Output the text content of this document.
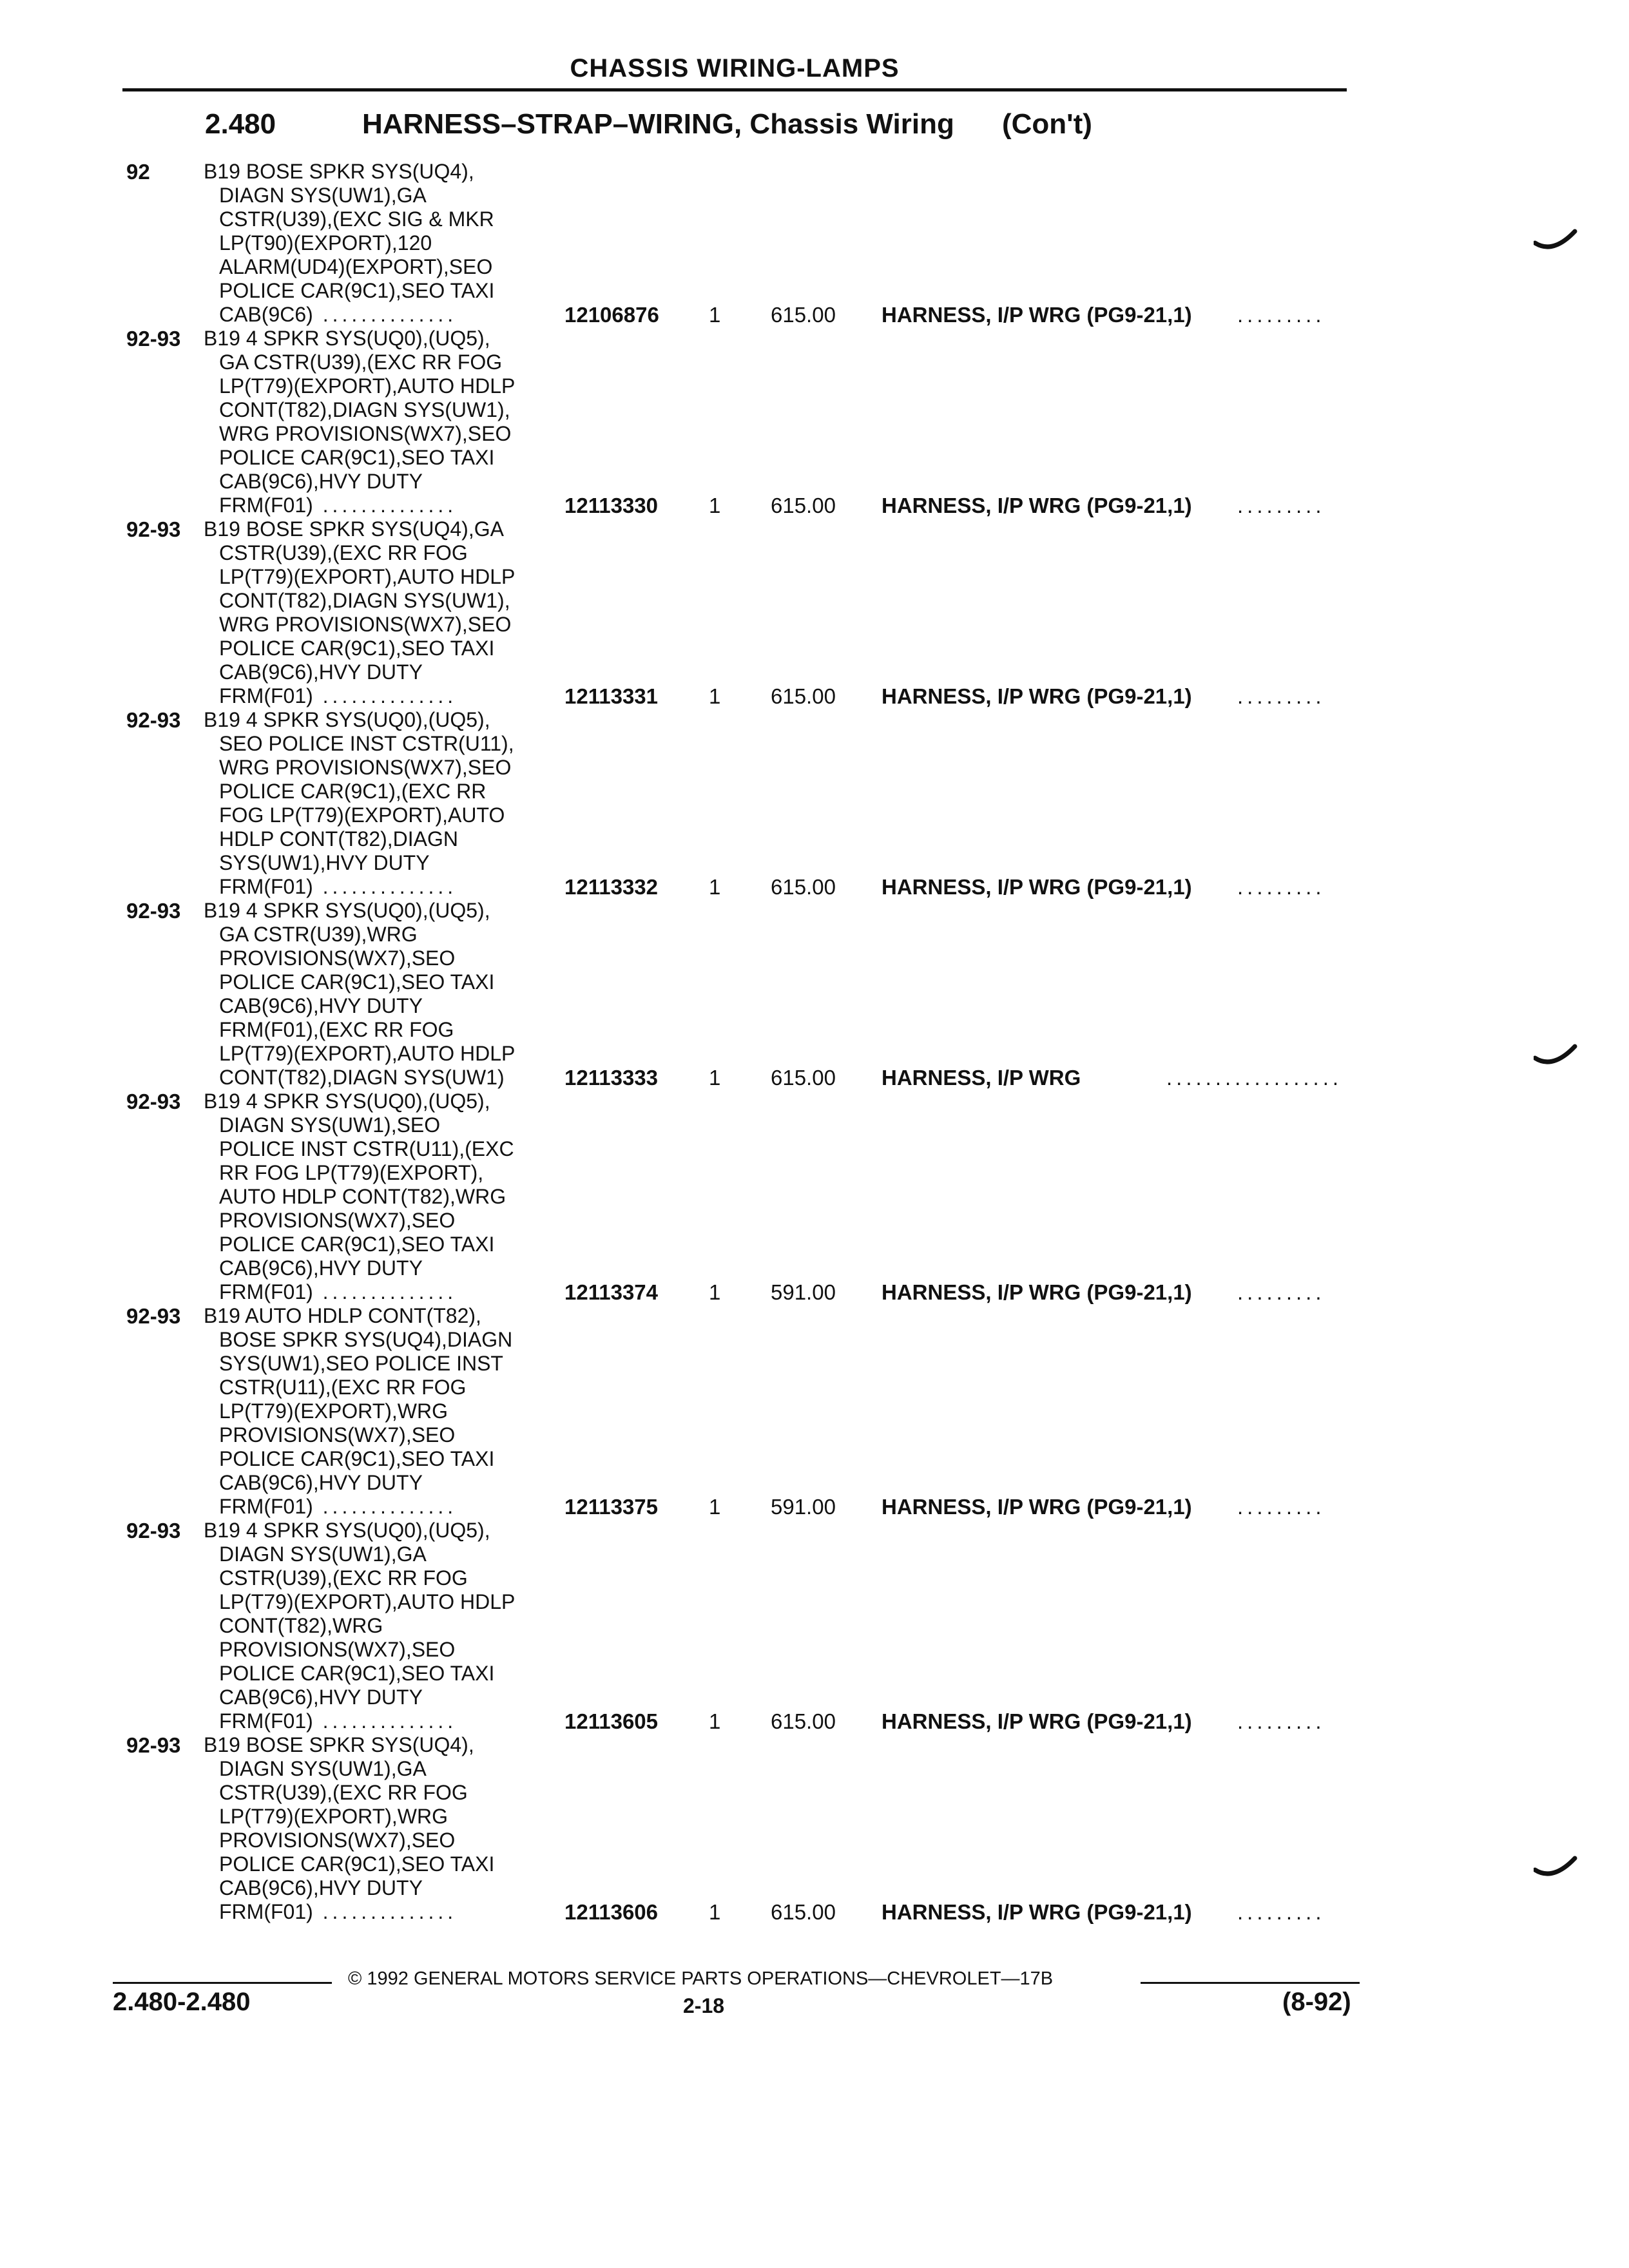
CHASSIS WIRING-LAMPS
2.480	HARNESS–STRAP–WIRING, Chassis Wiring (Con't)
92	B19 BOSE SPKR SYS(UQ4),
DIAGN SYS(UW1),GA
CSTR(U39),(EXC SIG & MKR
LP(T90)(EXPORT),120
ALARM(UD4)(EXPORT),SEO
POLICE CAR(9C1),SEO TAXI
CAB(9C6) ..............	12106876 1 615.00 HARNESS, I/P WRG (PG9-21,1) .........
92-93 B19 4 SPKR SYS(UQ0),(UQ5),
GA CSTR(U39),(EXC RR FOG
LP(T79)(EXPORT),AUTO HDLP
CONT(T82),DIAGN SYS(UW1),
WRG PROVISIONS(WX7),SEO
POLICE CAR(9C1),SEO TAXI
CAB(9C6),HVY DUTY
FRM(F01) ..............	12113330 1 615.00 HARNESS, I/P WRG (PG9-21,1) .........
92-93 B19 BOSE SPKR SYS(UQ4),GA
CSTR(U39),(EXC RR FOG
LP(T79)(EXPORT),AUTO HDLP
CONT(T82),DIAGN SYS(UW1),
WRG PROVISIONS(WX7),SEO
POLICE CAR(9C1),SEO TAXI
CAB(9C6),HVY DUTY
FRM(F01) ..............	12113331 1 615.00 HARNESS, I/P WRG (PG9-21,1) .........
92-93 B19 4 SPKR SYS(UQ0),(UQ5),
SEO POLICE INST CSTR(U11),
WRG PROVISIONS(WX7),SEO
POLICE CAR(9C1),(EXC RR
FOG LP(T79)(EXPORT),AUTO
HDLP CONT(T82),DIAGN
SYS(UW1),HVY DUTY
FRM(F01) ..............	12113332 1 615.00 HARNESS, I/P WRG (PG9-21,1) .........
92-93 B19 4 SPKR SYS(UQ0),(UQ5),
GA CSTR(U39),WRG
PROVISIONS(WX7),SEO
POLICE CAR(9C1),SEO TAXI
CAB(9C6),HVY DUTY
FRM(F01),(EXC RR FOG
LP(T79)(EXPORT),AUTO HDLP
CONT(T82),DIAGN SYS(UW1)	12113333 1 615.00 HARNESS, I/P WRG	..................
92-93 B19 4 SPKR SYS(UQ0),(UQ5),
DIAGN SYS(UW1),SEO
POLICE INST CSTR(U11),(EXC
RR FOG LP(T79)(EXPORT),
AUTO HDLP CONT(T82),WRG
PROVISIONS(WX7),SEO
POLICE CAR(9C1),SEO TAXI
CAB(9C6),HVY DUTY
FRM(F01) ..............	12113374 1 591.00 HARNESS, I/P WRG (PG9-21,1) .........
92-93 B19 AUTO HDLP CONT(T82),
BOSE SPKR SYS(UQ4),DIAGN
SYS(UW1),SEO POLICE INST
CSTR(U11),(EXC RR FOG
LP(T79)(EXPORT),WRG
PROVISIONS(WX7),SEO
POLICE CAR(9C1),SEO TAXI
CAB(9C6),HVY DUTY
FRM(F01) ..............	12113375 1 591.00 HARNESS, I/P WRG (PG9-21,1) .........
92-93 B19 4 SPKR SYS(UQ0),(UQ5),
DIAGN SYS(UW1),GA
CSTR(U39),(EXC RR FOG
LP(T79)(EXPORT),AUTO HDLP
CONT(T82),WRG
PROVISIONS(WX7),SEO
POLICE CAR(9C1),SEO TAXI
CAB(9C6),HVY DUTY
FRM(F01) ..............	12113605 1 615.00 HARNESS, I/P WRG (PG9-21,1) .........
92-93 B19 BOSE SPKR SYS(UQ4),
DIAGN SYS(UW1),GA
CSTR(U39),(EXC RR FOG
LP(T79)(EXPORT),WRG
PROVISIONS(WX7),SEO
POLICE CAR(9C1),SEO TAXI
CAB(9C6),HVY DUTY
FRM(F01) ..............	12113606 1 615.00 HARNESS, I/P WRG (PG9-21,1) .........
© 1992 GENERAL MOTORS SERVICE PARTS OPERATIONS—CHEVROLET—17B
2.480-2.480	2-18	(8-92)
